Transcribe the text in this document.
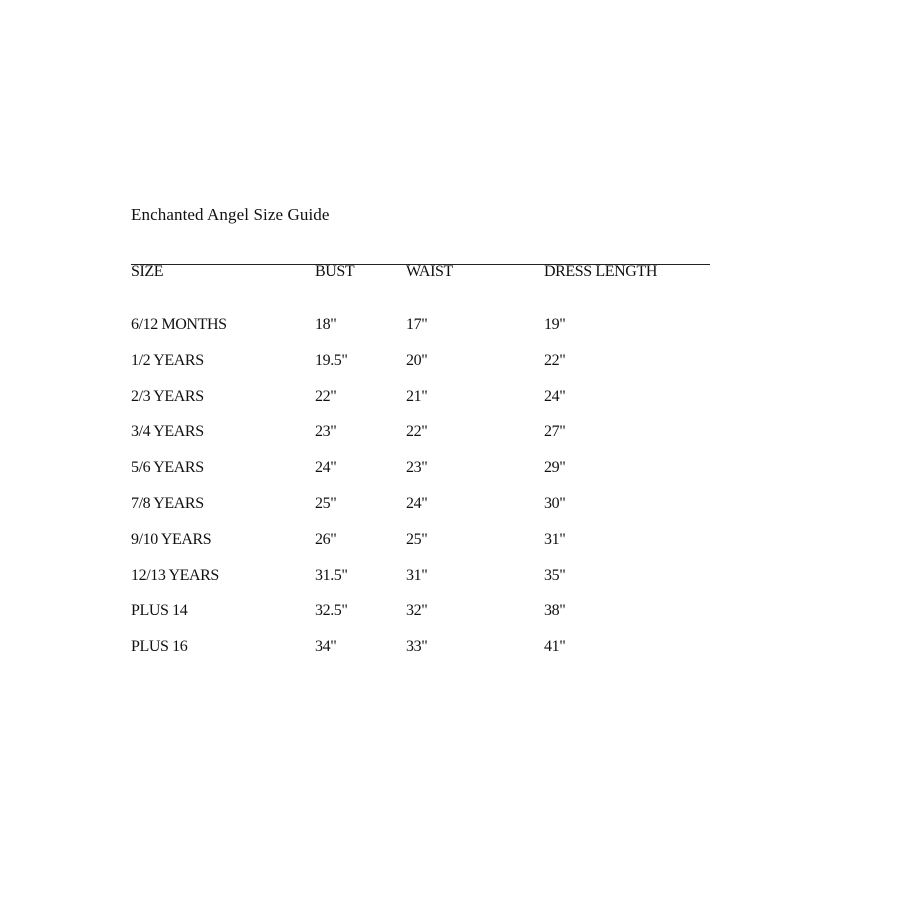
Enchanted Angel Size Guide
SIZE	BUST	WAIST	DRESS LENGTH
6/12 MONTHS	18"	17"	19"
1/2 YEARS	19.5"	20"	22"
2/3 YEARS	22"	21"	24"
3/4 YEARS	23"	22"	27"
5/6 YEARS	24"	23"	29"
7/8 YEARS	25"	24"	30"
9/10 YEARS	26"	25"	31"
12/13 YEARS	31.5"	31"	35"
PLUS 14	32.5"	32"	38"
PLUS 16	34"	33"	41"
